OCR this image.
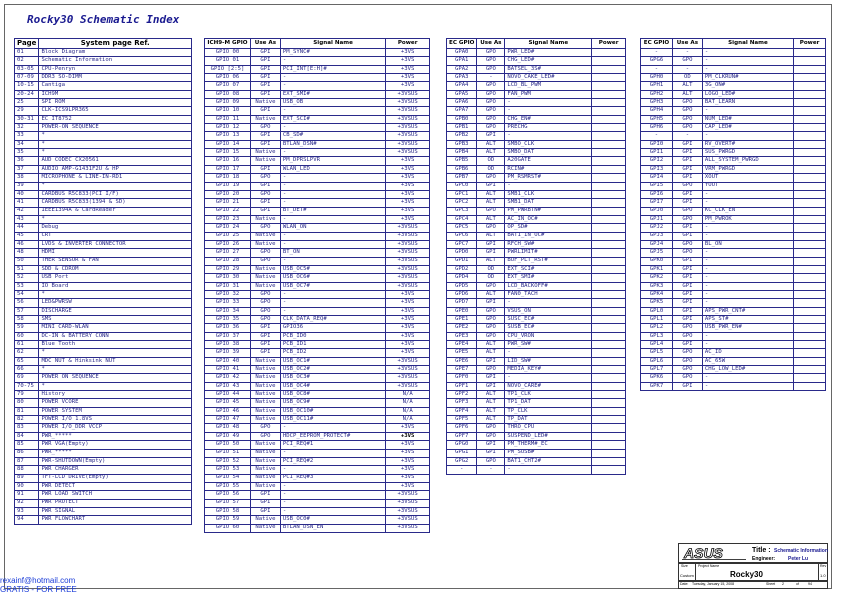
Rocky30 Schematic Index
Page	System page Ref.
01	Block Diagram
02	Schematic Information
03-05	CPU-Penryn
07-09	DDR3 SO-DIMM
10-15	Cantiga
20-24	ICH9M
25	SPI ROM
29	CLK-ICS9LPR365
30-31	EC IT8752
32	POWER-ON SEQUENCE
33	*
34	*
35	*
36	AUD CODEC CX20561
37	AUDIO AMP-G1431F2U & HP
38	MICROPHONE & LINE-IN-RD1
39	*
40	CARDBUS R5C833(PCI I/F)
41	CARDBUS R5C833(1394 & SD)
42	IEEE1394A & CardReader
43	*
44	Debug
45	CRT
46	LVDS & INVERTER CONNECTOR
48	HDMI
50	THER SENSOR & FAN
51	SDD & CDROM
52	USB Port
53	IO Board
54	*
56	LED&PWRSW
57	DISCHARGE
58	SMS
59	MINI CARD-WLAN
60	DC-IN & BATTERY CONN
61	Blue Tooth
62	*
65	MDC NUT & Hinksink NUT
66	*
69	POWER ON SEQUENCE
70-75	*
79	History
80	POWER VCORE
81	POWER SYSTEM
82	POWER I/O 1.8VS
83	POWER I/O_DDR VCCP
84	PWR_*****
85	PWR VGA(Empty)
86	PWR_*****
87	PWR-SHUTDOWN(Empty)
88	PWR CHARGER
89	TFT-LCD DRIVE(Empty)
90	PWR DETECT
91	PWR LOAD SWITCH
92	PWR PROTECT
93	PWR SIGNAL
94	PWR FLOWCHART
ICH9-M GPIO	Use As	Signal Name	Power
GPIO 00	GPI	PM_SYNC#	+3VS
GPIO 01	GPI	-	+3VS
GPIO [2:5]	GPI	PCI_INT[E:H]#	+3VS
GPIO 06	GPI	-	+3VS
GPIO 07	GPI	-	+3VS
GPIO 08	GPI	EXT_SMI#	+3VSUS
GPIO 09	Native	USB_OB	+3VSUS
GPIO 10	GPI	-	+3VSUS
GPIO 11	Native	EXT_SCI#	+3VSUS
GPIO 12	GPO	-	+3VSUS
GPIO 13	GPI	CB_SD#	+3VSUS
GPIO 14	GPI	BTLAN_DSN#	+3VSUS
GPIO 15	Native	-	+3VSUS
GPIO 16	Native	PM_DPRSLPVR	+3VS
GPIO 17	GPI	WLAN_LED	+3VS
GPIO 18	GPO	-	+3VS
GPIO 19	GPI	-	+3VS
GPIO 20	GPO	-	+3VS
GPIO 21	GPI	-	+3VS
GPIO 22	GPI	BT_DET#	+3VS
GPIO 23	Native	-	+3VS
GPIO 24	GPO	WLAN_ON	+3VSUS
GPIO 25	Native	-	+3VSUS
GPIO 26	Native	-	+3VSUS
GPIO 27	GPO	BT_ON	+3VSUS
GPIO 28	GPO	-	+3VSUS
GPIO 29	Native	USB_OC5#	+3VSUS
GPIO 30	Native	USB_OC6#	+3VSUS
GPIO 31	Native	USB_OC7#	+3VSUS
GPIO 32	GPO	-	+3VS
GPIO 33	GPO	-	+3VS
GPIO 34	GPO	-	+3VS
GPIO 35	GPO	CLK_DATA_REQ#	+3VS
GPIO 36	GPI	GPIO36	+3VS
GPIO 37	GPI	PCB_ID0	+3VS
GPIO 38	GPI	PCB_ID1	+3VS
GPIO 39	GPI	PCB_ID2	+3VS
GPIO 40	Native	USB_OC1#	+3VSUS
GPIO 41	Native	USB_OC2#	+3VSUS
GPIO 42	Native	USB_OC3#	+3VSUS
GPIO 43	Native	USB_OC4#	+3VSUS
GPIO 44	Native	USB_OC8#	N/A
GPIO 45	Native	USB_OC9#	N/A
GPIO 46	Native	USB_OC10#	N/A
GPIO 47	Native	USB_OC11#	N/A
GPIO 48	GPO	-	+3VS
GPIO 49	GPO	HDCP_EEPROM_PROTECT#	+3VS
GPIO 50	Native	PCI_REQ#1	+3VS
GPIO 51	Native	-	+3VS
GPIO 52	Native	PCI_REQ#2	+3VS
GPIO 53	Native	-	+3VS
GPIO 54	Native	PCI_REQ#3	+3VS
GPIO 55	Native	-	+3VS
GPIO 56	GPI	-	+3VSUS
GPIO 57	GPI	-	+3VSUS
GPIO 58	GPI	-	+3VSUS
GPIO 59	Native	USB_OC0#	+3VSUS
GPIO 60	Native	BTLAN_DSN_EN	+3VSUS
EC GPIO	Use As	Signal Name	Power
GPA0	GPO	PWR_LED#	
GPA1	GPO	CHG_LED#	
GPA2	GPO	BATSEL_3S#	
GPA3	-	NOVO_CAKE_LED#	
GPA4	GPO	LCD_BL_PWM	
GPA5	GPO	FAN_PWM	
GPA6	GPO	-	
GPA7	GPO	-	
GPB0	GPO	CHG_EN#	
GPB1	GPO	PRECHG	
GPB2	GPI	-	
GPB3	ALT	SMBO_CLK	
GPB4	ALT	SMBO_DAT	
GPB5	OD	A20GATE	
GPB6	OD	RCIN#	
GPB7	GPO	PM_RSMRST#	
GPC0	GPI	-	
GPC1	ALT	SMB1_CLK	
GPC2	ALT	SMB1_DAT	
GPC3	GPO	PM_PWRBTN#	
GPC4	ALT	AC_IN_OC#	
GPC5	GPO	OP_SD#	
GPC6	ALT	BAT1_IN_OC#	
GPC7	GPI	RFCH_SW#	
GPD0	GPI	PWRLIMIT#	
GPD1	ALT	BUF_PLT_RST#	
GPD2	OD	EXT_SCI#	
GPD4	OD	EXT_SMI#	
GPD5	GPO	LCD_BACKOFF#	
GPD6	ALT	FAN0_TACH	
GPD7	GPI	-	
GPE0	GPO	VSUS_ON	
GPE1	GPO	SUSC_EC#	
GPE2	GPO	SUSB_EC#	
GPE3	GPO	CPU_VRON	
GPE4	ALT	PWR_SW#	
GPE5	ALT	-	
GPE6	GPI	LID_SW#	
GPE7	GPO	MEDIA_KEY#	
GPF0	GPI	-	
GPF1	GPI	NOVO_CARE#	
GPF2	ALT	TP1_CLK	
GPF3	ALT	TP1_DAT	
GPF4	ALT	TP_CLK	
GPF5	ALT	TP_DAT	
GPF6	GPO	THRO_CPU	
GPF7	GPO	SUSPEND_LED#	
GPG0	GPI	PM_THERM#_EC	
GPG1	GPI	PM_SUSB#	
GPG2	GPO	BAT1_CHT2#	
-	-	-	
EC GPIO	Use As	Signal Name	Power
-	-	-	
GPG6	GPO	-	
-	-	-	
GPH0	OD	PM_CLKRUN#	
GPH1	ALT	3G_ON#	
GPH2	ALT	LOGO_LED#	
GPH3	GPO	BAT_LEARN	
GPH4	GPO	-	
GPH5	GPO	NUM_LED#	
GPH6	GPO	CAP_LED#	
-	-	-	
GPI0	GPI	RV_OVERT#	
GPI1	GPI	SUS_PWRGD	
GPI2	GPI	ALL_SYSTEM_PWRGD	
GPI3	GPI	VRM_PWRGD	
GPI4	GPI	XOUT	
GPI5	GPO	YOUT	
GPI6	GPI	-	
GPI7	GPI	-	
GPJ0	GPO	KC_CLK_EN	
GPJ1	GPO	PM_PWROK	
GPJ2	GPI	-	
GPJ3	GPI	-	
GPJ4	GPO	BL_ON	
GPJ5	GPO	-	
GPK0	GPI	-	
GPK1	GPI	-	
GPK2	GPI	-	
GPK3	GPI	-	
GPK4	GPI	-	
GPK5	GPI	-	
GPL0	GPI	APS_PWR_CNT#	
GPL1	GPI	APS_ST#	
GPL2	GPO	USB_PWR_EN#	
GPL3	GPO	-	
GPL4	GPI	-	
GPL5	GPO	AC_ID	
GPL6	GPO	AC_65W	
GPL7	GPO	CHG_LOW_LED#	
GPK6	GPO	-	
GPK7	GPI	-	
ASUS	Title : Schematic Information
Engineer:	Peter Lu
Size	Project Name	Rev
Custom	Rocky30	1.0
Date: Tuesday, January 15, 2008	Sheet 2	of	94
rexainf@hotmail.com
GRATIS - FOR FREE
